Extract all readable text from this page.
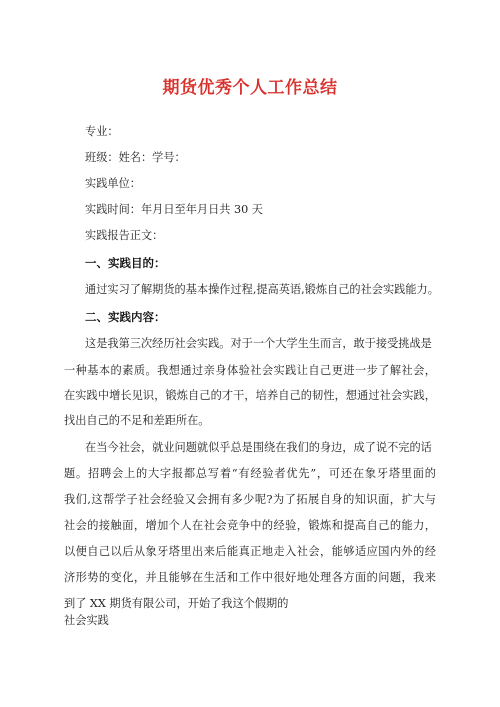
期货优秀个人工作总结
专业：
班级：姓名：学号：
实践单位：
实践时间：年月日至年月日共 30 天
实践报告正文：
一、实践目的：
通过实习了解期货的基本操作过程,提高英语,锻炼自己的社会实践能力。
二、实践内容：
这是我第三次经历社会实践。对于一个大学生生而言，敢于接受挑战是
一种基本的素质。我想通过亲身体验社会实践让自己更进一步了解社会，
在实践中增长见识，锻炼自己的才干，培养自己的韧性，想通过社会实践，
找出自己的不足和差距所在。
在当今社会，就业问题就似乎总是围绕在我们的身边，成了说不完的话
题。招聘会上的大字报都总写着“有经验者优先”，可还在象牙塔里面的
我们,这帮学子社会经验又会拥有多少呢?为了拓展自身的知识面，扩大与
社会的接触面，增加个人在社会竞争中的经验，锻炼和提高自己的能力，
以便自己以后从象牙塔里出来后能真正地走入社会，能够适应国内外的经
济形势的变化，并且能够在生活和工作中很好地处理各方面的问题，我来
到了 XX 期货有限公司，开始了我这个假期的
社会实践
